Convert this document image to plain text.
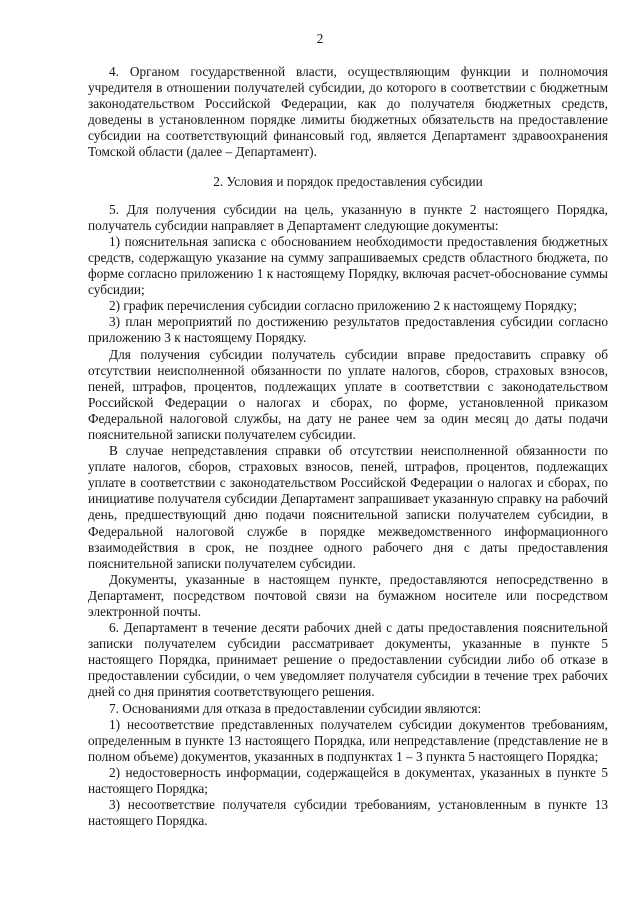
2

4. Органом государственной власти, осуществляющим функции и полномочия учредителя в отношении получателей субсидии, до которого в соответствии с бюджетным законодательством Российской Федерации, как до получателя бюджетных средств, доведены в установленном порядке лимиты бюджетных обязательств на предоставление субсидии на соответствующий финансовый год, является Департамент здравоохранения Томской области (далее – Департамент).

2. Условия и порядок предоставления субсидии

5. Для получения субсидии на цель, указанную в пункте 2 настоящего Порядка, получатель субсидии направляет в Департамент следующие документы:

1) пояснительная записка с обоснованием необходимости предоставления бюджетных средств, содержащую указание на сумму запрашиваемых средств областного бюджета, по форме согласно приложению 1 к настоящему Порядку, включая расчет-обоснование суммы субсидии;

2) график перечисления субсидии согласно приложению 2 к настоящему Порядку;

3) план мероприятий по достижению результатов предоставления субсидии согласно приложению 3 к настоящему Порядку.

Для получения субсидии получатель субсидии вправе предоставить справку об отсутствии неисполненной обязанности по уплате налогов, сборов, страховых взносов, пеней, штрафов, процентов, подлежащих уплате в соответствии с законодательством Российской Федерации о налогах и сборах, по форме, установленной приказом Федеральной налоговой службы, на дату не ранее чем за один месяц до даты подачи пояснительной записки получателем субсидии.

В случае непредставления справки об отсутствии неисполненной обязанности по уплате налогов, сборов, страховых взносов, пеней, штрафов, процентов, подлежащих уплате в соответствии с законодательством Российской Федерации о налогах и сборах, по инициативе получателя субсидии Департамент запрашивает указанную справку на рабочий день, предшествующий дню подачи пояснительной записки получателем субсидии, в Федеральной налоговой службе в порядке межведомственного информационного взаимодействия в срок, не позднее одного рабочего дня с даты предоставления пояснительной записки получателем субсидии.

Документы, указанные в настоящем пункте, предоставляются непосредственно в Департамент, посредством почтовой связи на бумажном носителе или посредством электронной почты.

6. Департамент в течение десяти рабочих дней с даты предоставления пояснительной записки получателем субсидии рассматривает документы, указанные в пункте 5 настоящего Порядка, принимает решение о предоставлении субсидии либо об отказе в предоставлении субсидии, о чем уведомляет получателя субсидии в течение трех рабочих дней со дня принятия соответствующего решения.

7. Основаниями для отказа в предоставлении субсидии являются:

1) несоответствие представленных получателем субсидии документов требованиям, определенным в пункте 13 настоящего Порядка, или непредставление (представление не в полном объеме) документов, указанных в подпунктах 1 – 3 пункта 5 настоящего Порядка;

2) недостоверность информации, содержащейся в документах, указанных в пункте 5 настоящего Порядка;

3) несоответствие получателя субсидии требованиям, установленным в пункте 13 настоящего Порядка.
